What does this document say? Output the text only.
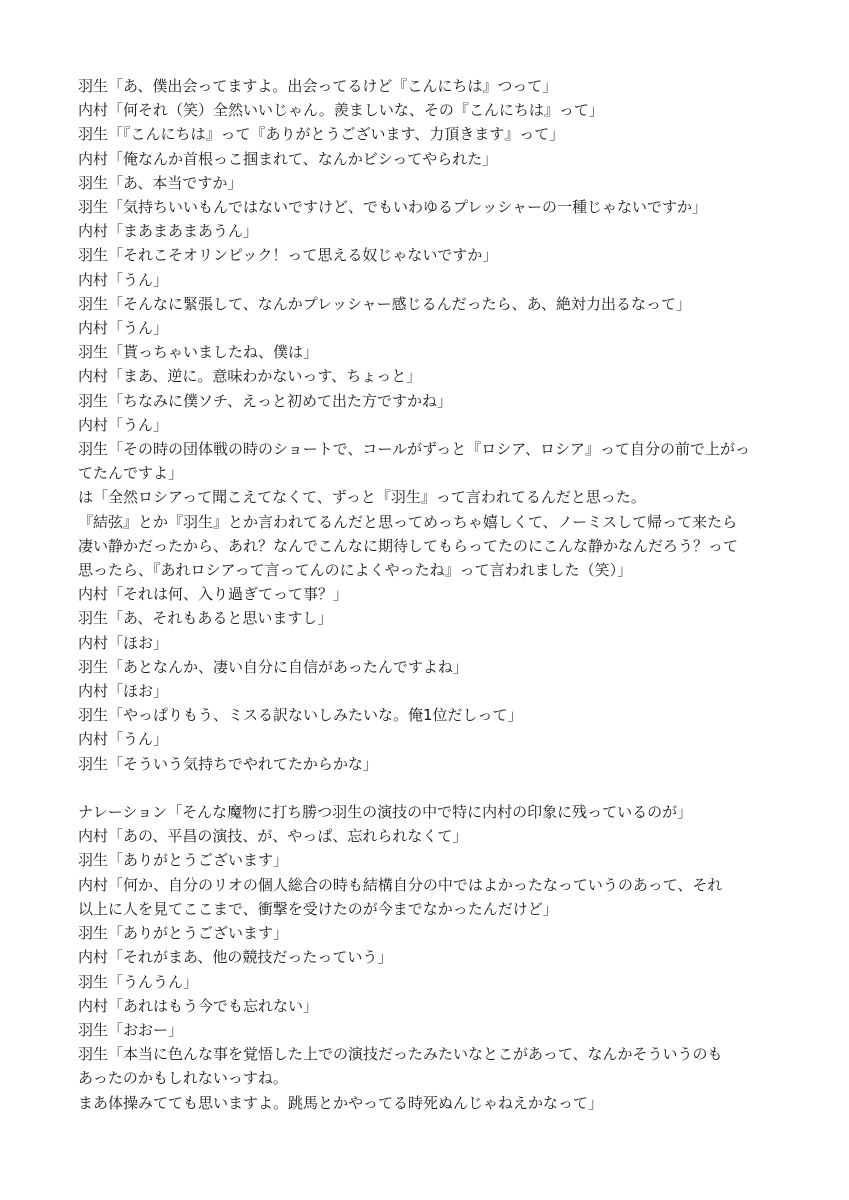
羽生「あ、僕出会ってますよ。出会ってるけど『こんにちは』つって」
内村「何それ（笑）全然いいじゃん。羨ましいな、その『こんにちは』って」
羽生「『こんにちは』って『ありがとうございます、力頂きます』って」
内村「俺なんか首根っこ掴まれて、なんかビシってやられた」
羽生「あ、本当ですか」
羽生「気持ちいいもんではないですけど、でもいわゆるプレッシャーの一種じゃないですか」
内村「まあまあまあうん」
羽生「それこそオリンピック！って思える奴じゃないですか」
内村「うん」
羽生「そんなに緊張して、なんかプレッシャー感じるんだったら、あ、絶対力出るなって」
内村「うん」
羽生「貰っちゃいましたね、僕は」
内村「まあ、逆に。意味わかないっす、ちょっと」
羽生「ちなみに僕ソチ、えっと初めて出た方ですかね」
内村「うん」
羽生「その時の団体戦の時のショートで、コールがずっと『ロシア、ロシア』って自分の前で上がっ
てたんですよ」
は「全然ロシアって聞こえてなくて、ずっと『羽生』って言われてるんだと思った。
『結弦』とか『羽生』とか言われてるんだと思ってめっちゃ嬉しくて、ノーミスして帰って来たら
凄い静かだったから、あれ？なんでこんなに期待してもらってたのにこんな静かなんだろう？って
思ったら、『あれロシアって言ってんのによくやったね』って言われました（笑）」
内村「それは何、入り過ぎてって事？」
羽生「あ、それもあると思いますし」
内村「ほお」
羽生「あとなんか、凄い自分に自信があったんですよね」
内村「ほお」
羽生「やっぱりもう、ミスる訳ないしみたいな。俺1位だしって」
内村「うん」
羽生「そういう気持ちでやれてたからかな」
ナレーション「そんな魔物に打ち勝つ羽生の演技の中で特に内村の印象に残っているのが」
内村「あの、平昌の演技、が、やっぱ、忘れられなくて」
羽生「ありがとうございます」
内村「何か、自分のリオの個人総合の時も結構自分の中ではよかったなっていうのあって、それ
以上に人を見てここまで、衝撃を受けたのが今までなかったんだけど」
羽生「ありがとうございます」
内村「それがまあ、他の競技だったっていう」
羽生「うんうん」
内村「あれはもう今でも忘れない」
羽生「おおー」
羽生「本当に色んな事を覚悟した上での演技だったみたいなとこがあって、なんかそういうのも
あったのかもしれないっすね。
まあ体操みてても思いますよ。跳馬とかやってる時死ぬんじゃねえかなって」
